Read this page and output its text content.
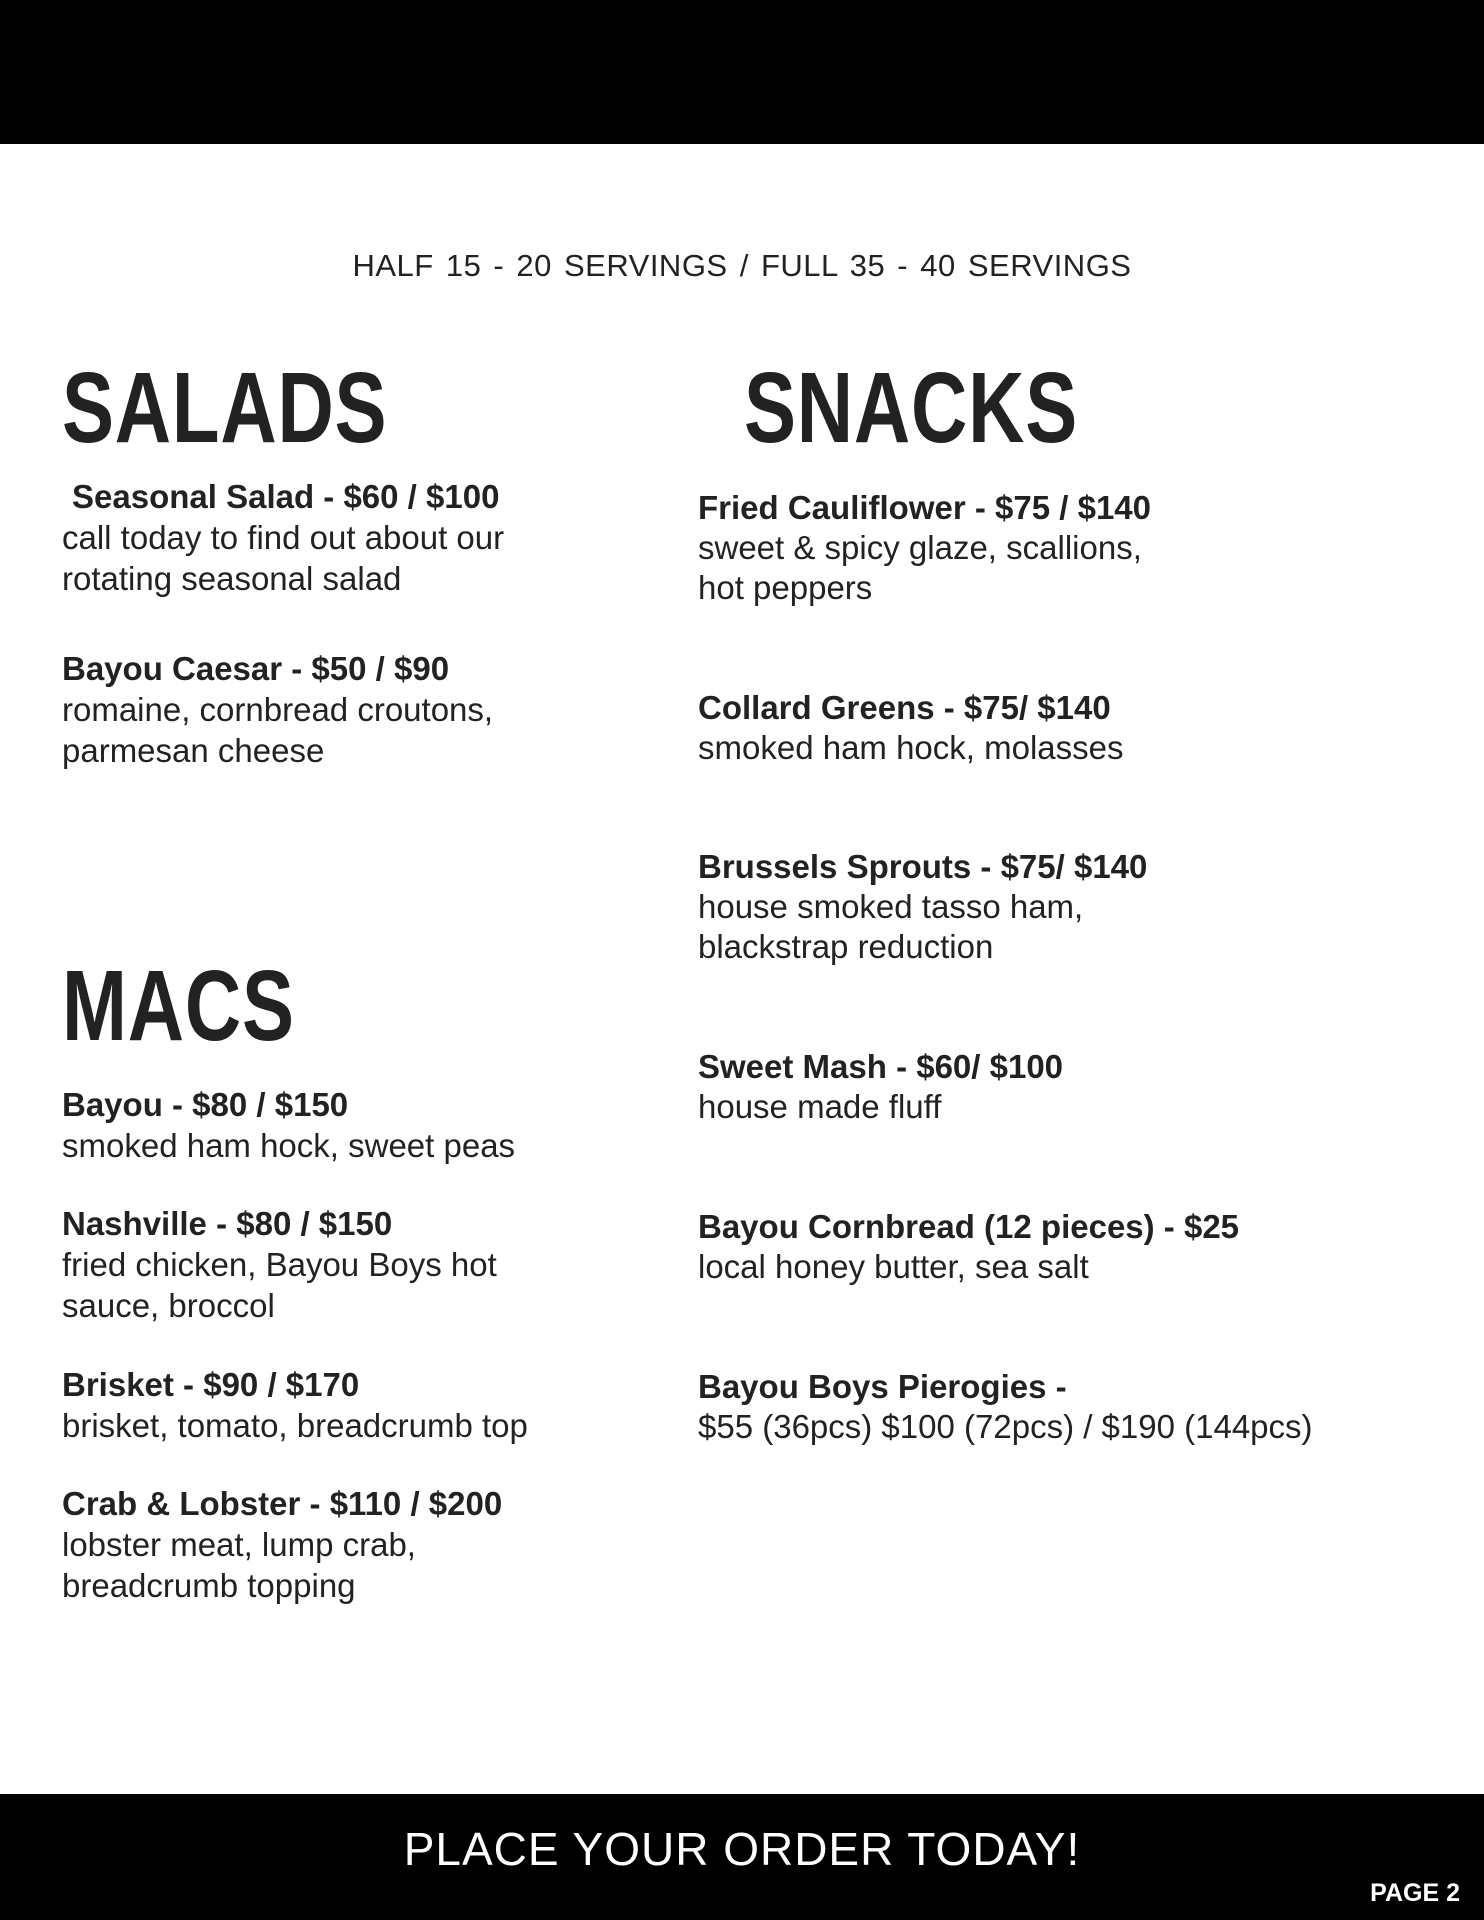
HALF 15 - 20 SERVINGS / FULL 35 - 40 SERVINGS
SALADS
Seasonal Salad - $60 / $100
call today to find out about our
rotating seasonal salad
Bayou Caesar - $50 / $90
romaine, cornbread croutons,
parmesan cheese
MACS
Bayou - $80 / $150
smoked ham hock, sweet peas
Nashville - $80 / $150
fried chicken, Bayou Boys hot
sauce, broccol
Brisket - $90 / $170
brisket, tomato, breadcrumb top
Crab & Lobster - $110 / $200
lobster meat, lump crab,
breadcrumb topping
SNACKS
Fried Cauliflower - $75 / $140
sweet & spicy glaze, scallions,
hot peppers
Collard Greens - $75/ $140
smoked ham hock, molasses
Brussels Sprouts - $75/ $140
house smoked tasso ham,
blackstrap reduction
Sweet Mash - $60/ $100
house made fluff
Bayou Cornbread (12 pieces) - $25
local honey butter, sea salt
Bayou Boys Pierogies -
$55 (36pcs) $100 (72pcs) / $190 (144pcs)
PLACE YOUR ORDER TODAY!
PAGE 2
